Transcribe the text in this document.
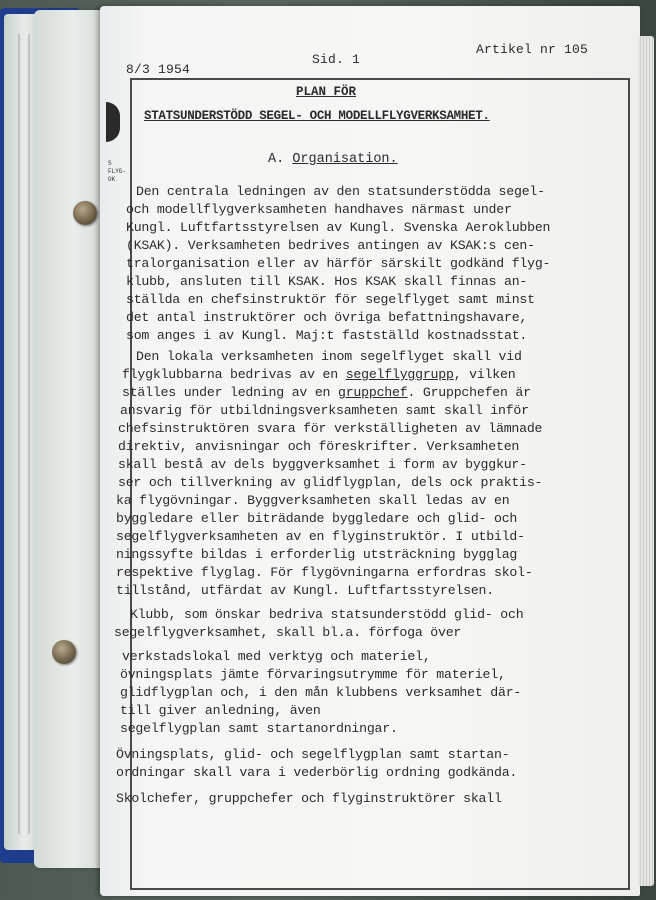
S
FLYG-
OK
8/3 1954
Sid. 1
Artikel nr 105
PLAN FÖR
STATSUNDERSTÖDD SEGEL- OCH MODELLFLYGVERKSAMHET.
A. Organisation.
Den centrala ledningen av den statsunderstödda segel-
och modellflygverksamheten handhaves närmast under
Kungl. Luftfartsstyrelsen av Kungl. Svenska Aeroklubben
(KSAK). Verksamheten bedrives antingen av KSAK:s cen-
tralorganisation eller av härför särskilt godkänd flyg-
klubb, ansluten till KSAK. Hos KSAK skall finnas an-
ställda en chefsinstruktör för segelflyget samt minst
det antal instruktörer och övriga befattningshavare,
som anges i av Kungl. Maj:t fastställd kostnadsstat.
Den lokala verksamheten inom segelflyget skall vid
flygklubbarna bedrivas av en segelflyggrupp, vilken
ställes under ledning av en gruppchef. Gruppchefen är
ansvarig för utbildningsverksamheten samt skall inför
chefsinstruktören svara för verkställigheten av lämnade
direktiv, anvisningar och föreskrifter. Verksamheten
skall bestå av dels byggverksamhet i form av byggkur-
ser och tillverkning av glidflygplan, dels ock praktis-
ka flygövningar. Byggverksamheten skall ledas av en
byggledare eller biträdande byggledare och glid- och
segelflygverksamheten av en flyginstruktör. I utbild-
ningssyfte bildas i erforderlig utsträckning bygglag
respektive flyglag. För flygövningarna erfordras skol-
tillstånd, utfärdat av Kungl. Luftfartsstyrelsen.
Klubb, som önskar bedriva statsunderstödd glid- och
segelflygverksamhet, skall bl.a. förfoga över
verkstadslokal med verktyg och materiel,
övningsplats jämte förvaringsutrymme för materiel,
glidflygplan och, i den mån klubbens verksamhet där-
till giver anledning, även
segelflygplan samt startanordningar.
Övningsplats, glid- och segelflygplan samt startan-
ordningar skall vara i vederbörlig ordning godkända.
Skolchefer, gruppchefer och flyginstruktörer skall
